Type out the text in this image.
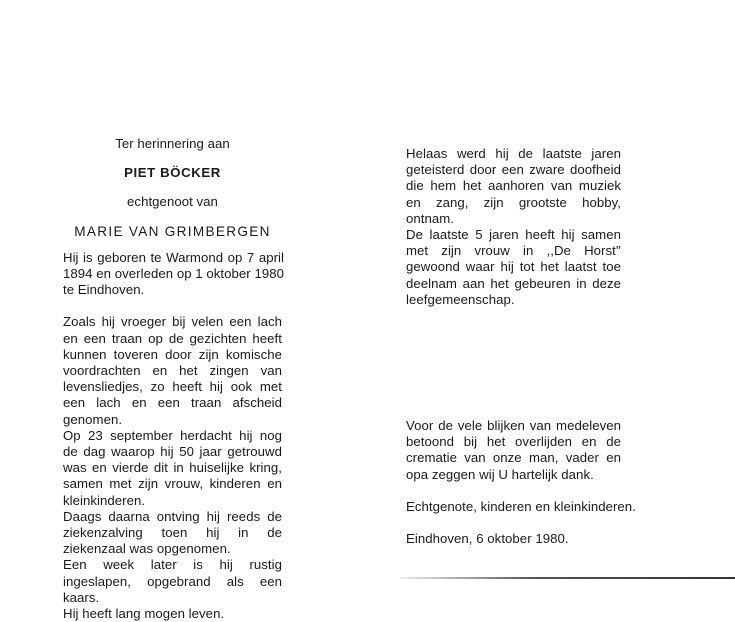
Ter herinnering aan

PIET BÖCKER

echtgenoot van

MARIE VAN GRIMBERGEN

Hij is geboren te Warmond op 7 april 1894 en overleden op 1 oktober 1980 te Eindhoven.

Zoals hij vroeger bij velen een lach en een traan op de gezichten heeft kunnen toveren door zijn komische voordrachten en het zingen van levensliedjes, zo heeft hij ook met een lach en een traan afscheid genomen.

Op 23 september herdacht hij nog de dag waarop hij 50 jaar getrouwd was en vierde dit in huiselijke kring, samen met zijn vrouw, kinderen en kleinkinderen.

Daags daarna ontving hij reeds de ziekenzalving toen hij in de ziekenzaal was opgenomen.

Een week later is hij rustig ingeslapen, opgebrand als een kaars.

Hij heeft lang mogen leven.

Helaas werd hij de laatste jaren geteisterd door een zware doofheid die hem het aanhoren van muziek en zang, zijn grootste hobby, ontnam.

De laatste 5 jaren heeft hij samen met zijn vrouw in ,,De Horst'' gewoond waar hij tot het laatst toe deelnam aan het gebeuren in deze leefgemeenschap.

Voor de vele blijken van medeleven betoond bij het overlijden en de crematie van onze man, vader en opa zeggen wij U hartelijk dank.

Echtgenote, kinderen en kleinkinderen.

Eindhoven, 6 oktober 1980.
